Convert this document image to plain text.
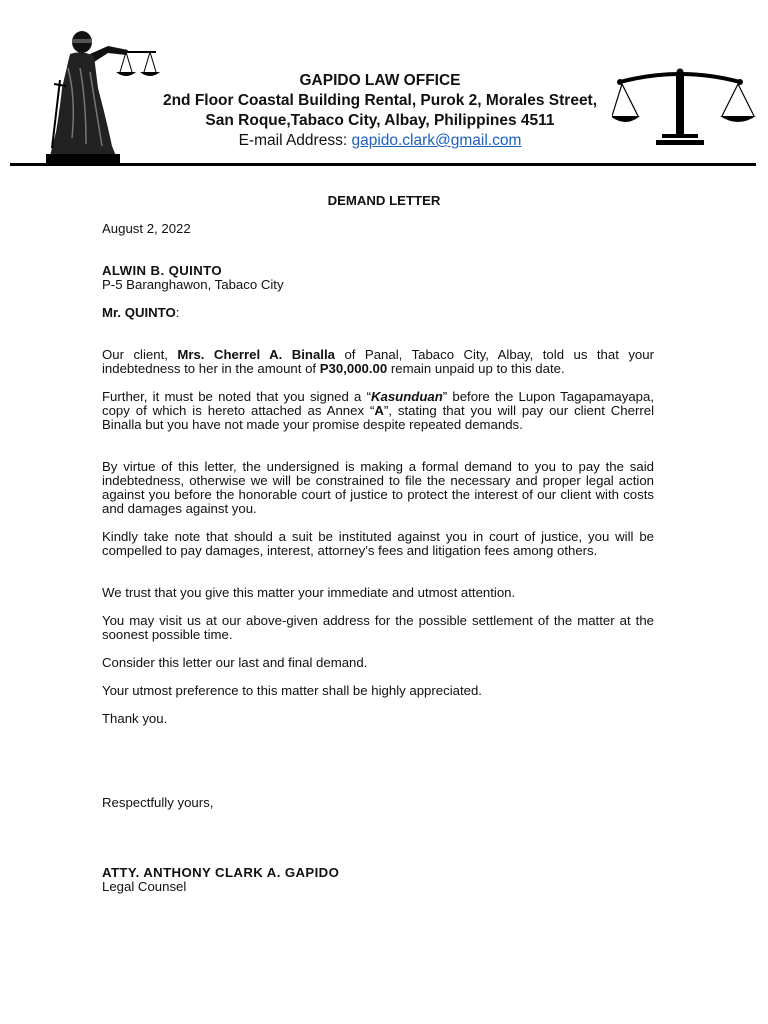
GAPIDO LAW OFFICE
2nd Floor Coastal Building Rental, Purok 2, Morales Street,
San Roque,Tabaco City, Albay, Philippines 4511
E-mail Address: gapido.clark@gmail.com
DEMAND LETTER
August 2, 2022
ALWIN B. QUINTO
P-5 Baranghawon, Tabaco City
Mr. QUINTO:
Our client, Mrs. Cherrel A. Binalla of Panal, Tabaco City, Albay, told us that your indebtedness to her in the amount of P30,000.00 remain unpaid up to this date.
Further, it must be noted that you signed a “Kasunduan” before the Lupon Tagapamayapa, copy of which is hereto attached as Annex “A”, stating that you will pay our client Cherrel Binalla but you have not made your promise despite repeated demands.
By virtue of this letter, the undersigned is making a formal demand to you to pay the said indebtedness, otherwise we will be constrained to file the necessary and proper legal action against you before the honorable court of justice to protect the interest of our client with costs and damages against you.
Kindly take note that should a suit be instituted against you in court of justice, you will be compelled to pay damages, interest, attorney’s fees and litigation fees among others.
We trust that you give this matter your immediate and utmost attention.
You may visit us at our above-given address for the possible settlement of the matter at the soonest possible time.
Consider this letter our last and final demand.
Your utmost preference to this matter shall be highly appreciated.
Thank you.
Respectfully yours,
ATTY. ANTHONY CLARK A. GAPIDO
Legal Counsel
